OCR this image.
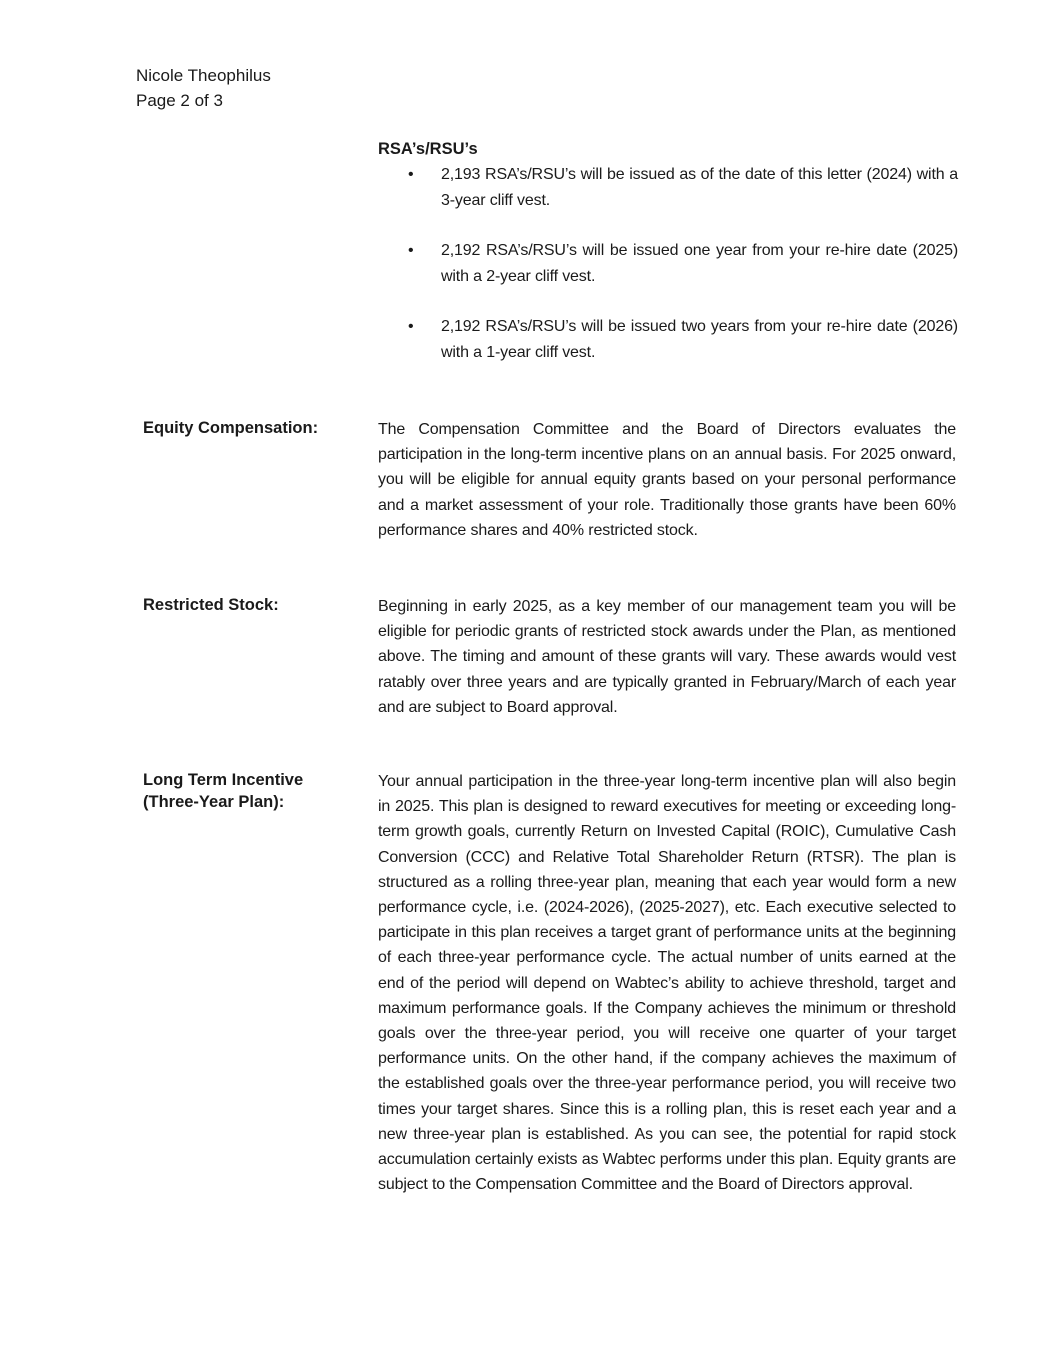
Nicole Theophilus
Page 2 of 3
RSA’s/RSU’s
• 2,193 RSA’s/RSU’s will be issued as of the date of this letter (2024) with a 3-year cliff vest.
• 2,192 RSA’s/RSU’s will be issued one year from your re-hire date (2025) with a 2-year cliff vest.
• 2,192 RSA’s/RSU’s will be issued two years from your re-hire date (2026) with a 1-year cliff vest.
Equity Compensation:	The Compensation Committee and the Board of Directors evaluates the participation in the long-term incentive plans on an annual basis. For 2025 onward, you will be eligible for annual equity grants based on your personal performance and a market assessment of your role. Traditionally those grants have been 60% performance shares and 40% restricted stock.
Restricted Stock:	Beginning in early 2025, as a key member of our management team you will be eligible for periodic grants of restricted stock awards under the Plan, as mentioned above. The timing and amount of these grants will vary. These awards would vest ratably over three years and are typically granted in February/March of each year and are subject to Board approval.
Long Term Incentive (Three-Year Plan):
Your annual participation in the three-year long-term incentive plan will also begin in 2025. This plan is designed to reward executives for meeting or exceeding long-term growth goals, currently Return on Invested Capital (ROIC), Cumulative Cash Conversion (CCC) and Relative Total Shareholder Return (RTSR). The plan is structured as a rolling three-year plan, meaning that each year would form a new performance cycle, i.e. (2024-2026), (2025-2027), etc. Each executive selected to participate in this plan receives a target grant of performance units at the beginning of each three-year performance cycle. The actual number of units earned at the end of the period will depend on Wabtec’s ability to achieve threshold, target and maximum performance goals. If the Company achieves the minimum or threshold goals over the three-year period, you will receive one quarter of your target performance units. On the other hand, if the company achieves the maximum of the established goals over the three-year performance period, you will receive two times your target shares. Since this is a rolling plan, this is reset each year and a new three-year plan is established. As you can see, the potential for rapid stock accumulation certainly exists as Wabtec performs under this plan. Equity grants are subject to the Compensation Committee and the Board of Directors approval.
